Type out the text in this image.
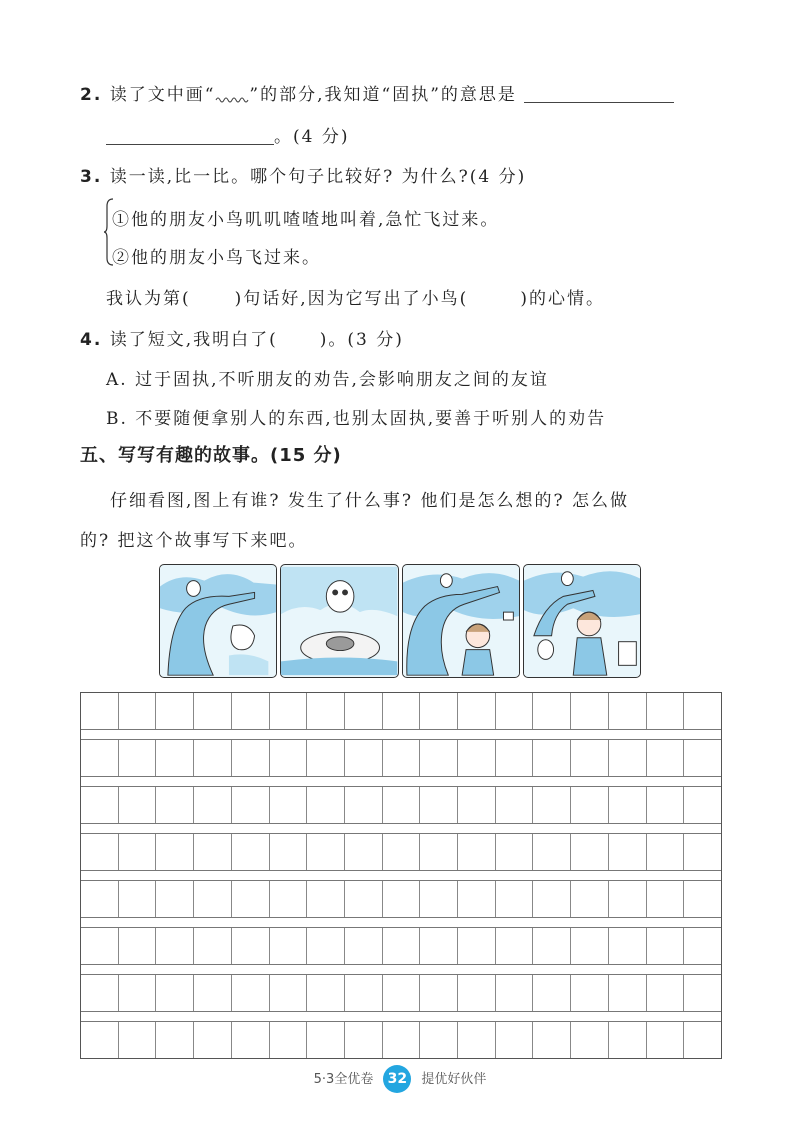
2. 读了文中画“ ”的部分,我知道“固执”的意思是
。(4 分)
3. 读一读,比一比。哪个句子比较好? 为什么?(4 分)
①他的朋友小鸟叽叽喳喳地叫着,急忙飞过来。
②他的朋友小鸟飞过来。
我认为第(	)句话好,因为它写出了小鸟(	)的心情。
4. 读了短文,我明白了( )。(3 分)
A. 过于固执,不听朋友的劝告,会影响朋友之间的友谊
B. 不要随便拿别人的东西,也别太固执,要善于听别人的劝告
五、写写有趣的故事。(15 分)
仔细看图,图上有谁? 发生了什么事? 他们是怎么想的? 怎么做
的? 把这个故事写下来吧。
5·3全优卷 32 提优好伙伴
